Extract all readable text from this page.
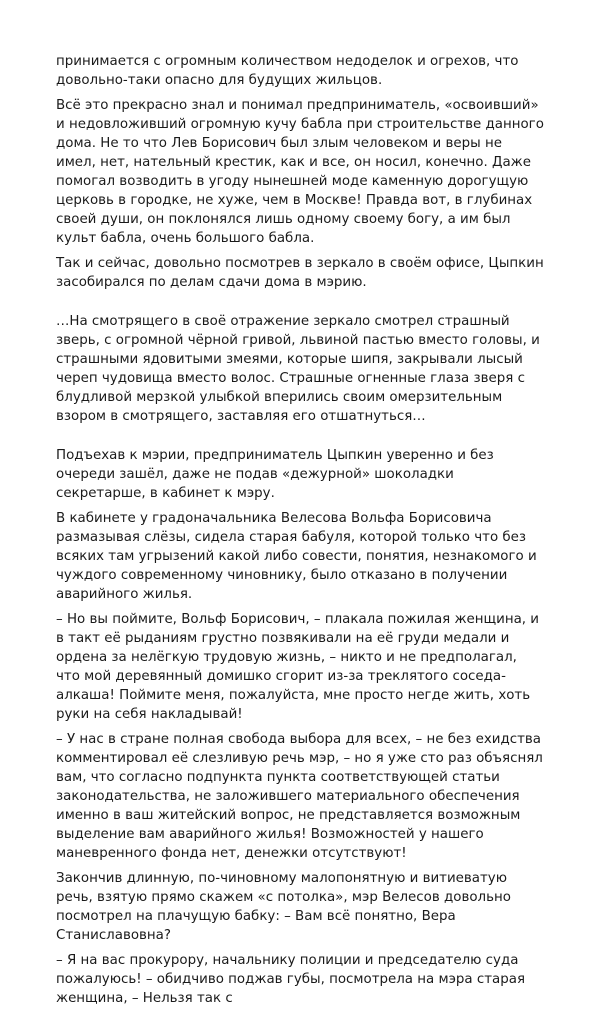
принимается с огромным количеством недоделок и огрехов, что довольно-таки опасно для будущих жильцов.

Всё это прекрасно знал и понимал предприниматель, «освоивший» и недовложивший огромную кучу бабла при строительстве данного дома. Не то что Лев Борисович был злым человеком и веры не имел, нет, нательный крестик, как и все, он носил, конечно. Даже помогал возводить в угоду нынешней моде каменную дорогущую церковь в городке, не хуже, чем в Москве! Правда вот, в глубинах своей души, он поклонялся лишь одному своему богу, а им был культ бабла, очень большого бабла.

Так и сейчас, довольно посмотрев в зеркало в своём офисе, Цыпкин засобирался по делам сдачи дома в мэрию.

…На смотрящего в своё отражение зеркало смотрел страшный зверь, с огромной чёрной гривой, львиной пастью вместо головы, и страшными ядовитыми змеями, которые шипя, закрывали лысый череп чудовища вместо волос. Страшные огненные глаза зверя с блудливой мерзкой улыбкой вперились своим омерзительным взором в смотрящего, заставляя его отшатнуться…

Подъехав к мэрии, предприниматель Цыпкин уверенно и без очереди зашёл, даже не подав «дежурной» шоколадки секретарше, в кабинет к мэру.

В кабинете у градоначальника Велесова Вольфа Борисовича размазывая слёзы, сидела старая бабуля, которой только что без всяких там угрызений какой либо совести, понятия, незнакомого и чуждого современному чиновнику, было отказано в получении аварийного жилья.

– Но вы поймите, Вольф Борисович, – плакала пожилая женщина, и в такт её рыданиям грустно позвякивали на её груди медали и ордена за нелёгкую трудовую жизнь, – никто и не предполагал, что мой деревянный домишко сгорит из-за треклятого соседа-алкаша! Поймите меня, пожалуйста, мне просто негде жить, хоть руки на себя накладывай!

– У нас в стране полная свобода выбора для всех, – не без ехидства комментировал её слезливую речь мэр, – но я уже сто раз объяснял вам, что согласно подпункта пункта соответствующей статьи законодательства, не заложившего материального обеспечения именно в ваш житейский вопрос, не представляется возможным выделение вам аварийного жилья! Возможностей у нашего маневренного фонда нет, денежки отсутствуют!

Закончив длинную, по-чиновному малопонятную и витиеватую речь, взятую прямо скажем «с потолка», мэр Велесов довольно посмотрел на плачущую бабку: – Вам всё понятно, Вера Станиславовна?

– Я на вас прокурору, начальнику полиции и председателю суда пожалуюсь! – обидчиво поджав губы, посмотрела на мэра старая женщина, – Нельзя так с
